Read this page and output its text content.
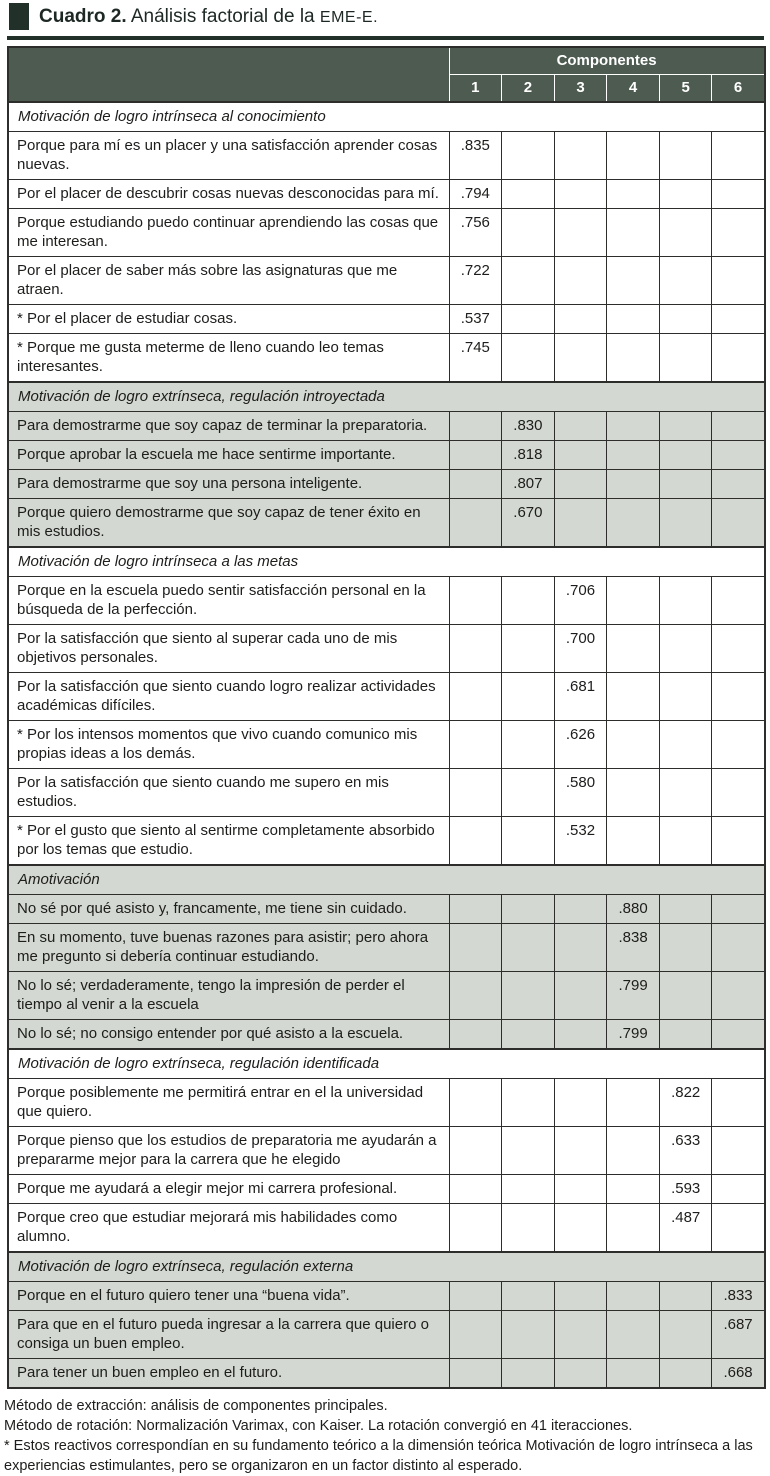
Cuadro 2. Análisis factorial de la EME-E.
	Componentes					
	1	2	3	4	5	6
Motivación de logro intrínseca al conocimiento						
Porque para mí es un placer y una satisfacción aprender cosas nuevas.	.835					
Por el placer de descubrir cosas nuevas desconocidas para mí.	.794					
Porque estudiando puedo continuar aprendiendo las cosas que me interesan.	.756					
Por el placer de saber más sobre las asignaturas que me atraen.	.722					
* Por el placer de estudiar cosas.	.537					
* Porque me gusta meterme de lleno cuando leo temas interesantes.	.745					
Motivación de logro extrínseca, regulación introyectada						
Para demostrarme que soy capaz de terminar la preparatoria.		.830				
Porque aprobar la escuela me hace sentirme importante.		.818				
Para demostrarme que soy una persona inteligente.		.807				
Porque quiero demostrarme que soy capaz de tener éxito en mis estudios.		.670				
Motivación de logro intrínseca a las metas						
Porque en la escuela puedo sentir satisfacción personal en la búsqueda de la perfección.			.706			
Por la satisfacción que siento al superar cada uno de mis objetivos personales.			.700			
Por la satisfacción que siento cuando logro realizar actividades académicas difíciles.			.681			
* Por los intensos momentos que vivo cuando comunico mis propias ideas a los demás.			.626			
Por la satisfacción que siento cuando me supero en mis estudios.			.580			
* Por el gusto que siento al sentirme completamente absorbido por los temas que estudio.			.532			
Amotivación						
No sé por qué asisto y, francamente, me tiene sin cuidado.				.880		
En su momento, tuve buenas razones para asistir; pero ahora me pregunto si debería continuar estudiando.				.838		
No lo sé; verdaderamente, tengo la impresión de perder el tiempo al venir a la escuela				.799		
No lo sé; no consigo entender por qué asisto a la escuela.				.799		
Motivación de logro extrínseca, regulación identificada						
Porque posiblemente me permitirá entrar en el la universidad que quiero.					.822	
Porque pienso que los estudios de preparatoria me ayudarán a prepararme mejor para la carrera que he elegido					.633	
Porque me ayudará a elegir mejor mi carrera profesional.					.593	
Porque creo que estudiar mejorará mis habilidades como alumno.					.487	
Motivación de logro extrínseca, regulación externa						
Porque en el futuro quiero tener una “buena vida”.						.833
Para que en el futuro pueda ingresar a la carrera que quiero o consiga un buen empleo.						.687
Para tener un buen empleo en el futuro.						.668
Método de extracción: análisis de componentes principales.
Método de rotación: Normalización Varimax, con Kaiser. La rotación convergió en 41 iteracciones.
* Estos reactivos correspondían en su fundamento teórico a la dimensión teórica Motivación de logro intrínseca a las experiencias estimulantes, pero se organizaron en un factor distinto al esperado.
